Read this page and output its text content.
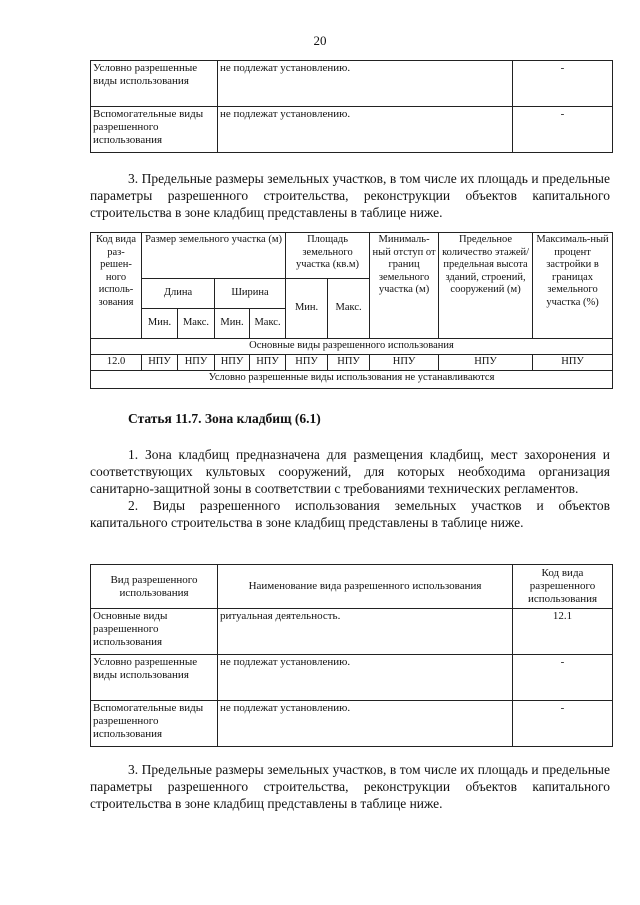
20
Условно разрешенные виды использования	не подлежат установлению.	-
Вспомогательные виды разрешенного использования	не подлежат установлению.	-
3. Предельные размеры земельных участков, в том числе их площадь и предельные параметры разрешенного строительства, реконструкции объектов капитального строительства в зоне кладбищ представлены в таблице ниже.
Код вида раз-решен-ного исполь-зования	Размер земельного участка (м)				Площадь земельного участка (кв.м)		Минималь-ный отступ от границ земельного участка (м)	Предельное количество этажей/ предельная высота зданий, строений, сооружений (м)	Максималь-ный процент застройки в границах земельного участка (%)
	Длина		Ширина		Мин.	Макс.			
	Мин.	Макс.	Мин.	Макс.					
Основные виды разрешенного использования									
12.0	НПУ	НПУ	НПУ	НПУ	НПУ	НПУ	НПУ	НПУ	НПУ
Условно разрешенные виды использования не устанавливаются									
Статья 11.7. Зона кладбищ (6.1)
1. Зона кладбищ предназначена для размещения кладбищ, мест захоронения и соответствующих культовых сооружений, для которых необходима организация санитарно-защитной зоны в соответствии с требованиями технических регламентов.
2. Виды разрешенного использования земельных участков и объектов капитального строительства в зоне кладбищ представлены в таблице ниже.
Вид разрешенного использования	Наименование вида разрешенного использования	Код вида разрешенного использования
Основные виды разрешенного использования	ритуальная деятельность.	12.1
Условно разрешенные виды использования	не подлежат установлению.	-
Вспомогательные виды разрешенного использования	не подлежат установлению.	-
3. Предельные размеры земельных участков, в том числе их площадь и предельные параметры разрешенного строительства, реконструкции объектов капитального строительства в зоне кладбищ представлены в таблице ниже.
